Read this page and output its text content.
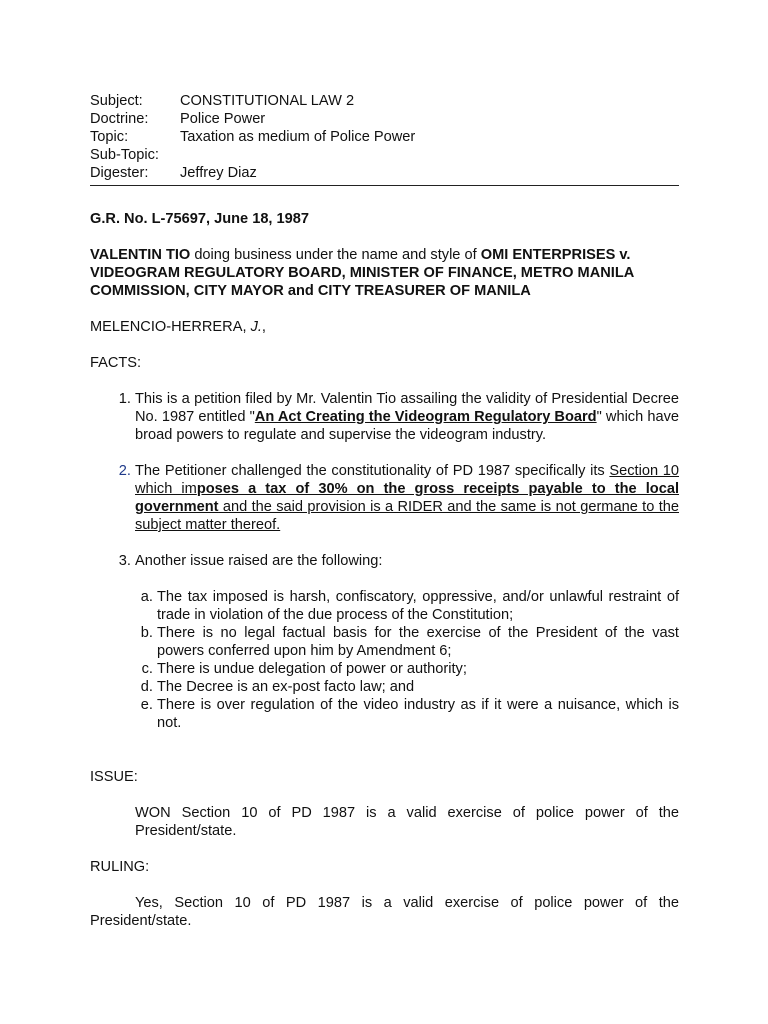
Subject:	CONSTITUTIONAL LAW 2
Doctrine:	Police Power
Topic:	Taxation as medium of Police Power
Sub-Topic:
Digester:	Jeffrey Diaz

G.R. No. L-75697, June 18, 1987

VALENTIN TIO doing business under the name and style of OMI ENTERPRISES v. VIDEOGRAM REGULATORY BOARD, MINISTER OF FINANCE, METRO MANILA COMMISSION, CITY MAYOR and CITY TREASURER OF MANILA

MELENCIO-HERRERA, J.,

FACTS:

1. This is a petition filed by Mr. Valentin Tio assailing the validity of Presidential Decree No. 1987 entitled "An Act Creating the Videogram Regulatory Board" which have broad powers to regulate and supervise the videogram industry.
2. The Petitioner challenged the constitutionality of PD 1987 specifically its Section 10 which imposes a tax of 30% on the gross receipts payable to the local government and the said provision is a RIDER and the same is not germane to the subject matter thereof.
3. Another issue raised are the following:
a. The tax imposed is harsh, confiscatory, oppressive, and/or unlawful restraint of trade in violation of the due process of the Constitution;
b. There is no legal factual basis for the exercise of the President of the vast powers conferred upon him by Amendment 6;
c. There is undue delegation of power or authority;
d. The Decree is an ex-post facto law; and
e. There is over regulation of the video industry as if it were a nuisance, which is not.

ISSUE:

WON Section 10 of PD 1987 is a valid exercise of police power of the President/state.

RULING:

Yes, Section 10 of PD 1987 is a valid exercise of police power of the President/state.
